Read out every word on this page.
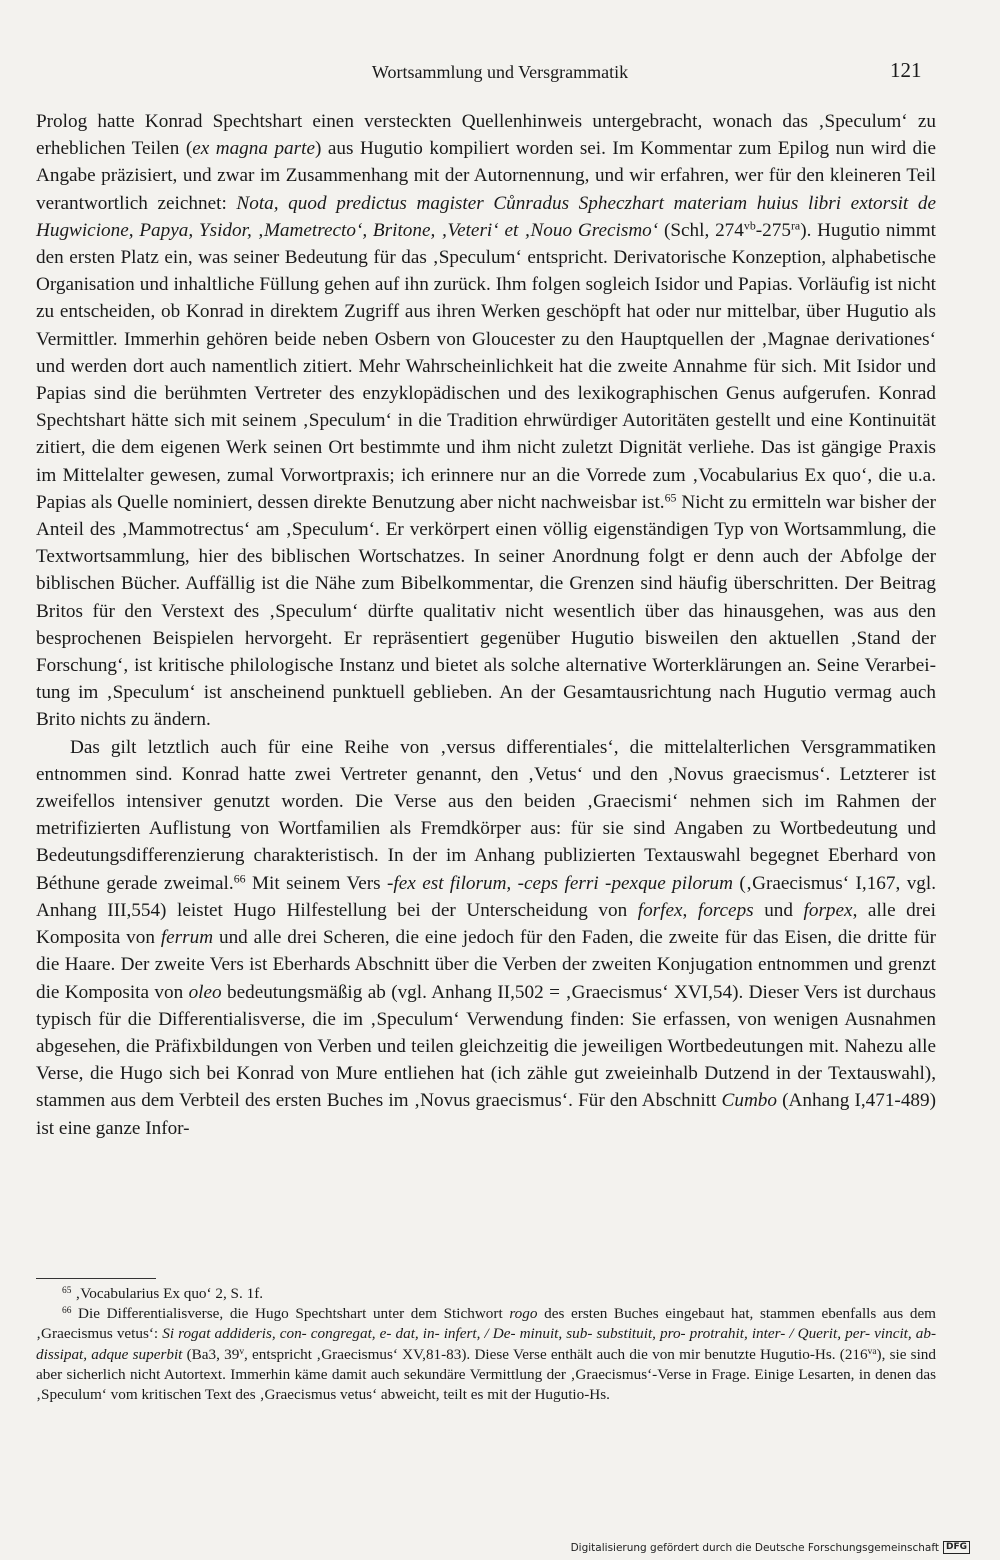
Wortsammlung und Versgrammatik	121

Prolog hatte Konrad Spechtshart einen versteckten Quellenhinweis untergebracht, wonach das ‚Speculum‘ zu erheblichen Teilen (ex magna parte) aus Hugutio kompiliert worden sei. Im Kommentar zum Epilog nun wird die Angabe präzisiert, und zwar im Zusammenhang mit der Autornennung, und wir erfahren, wer für den kleineren Teil verantwortlich zeichnet: Nota, quod predictus magister Cůnradus Sphеczhart materiam huius libri extorsit de Hugwicione, Papya, Ysidor, ‚Mametrecto‘, Britone, ‚Veteri‘ et ‚Nouo Grecismo‘ (Schl, $274^{vb}-275^{ra}$). Hugutio nimmt den ersten Platz ein, was seiner Bedeutung für das ‚Speculum‘ entspricht. Derivatorische Konzeption, alphabetische Organisation und inhaltliche Füllung gehen auf ihn zurück. Ihm folgen sogleich Isidor und Papias. Vorläufig ist nicht zu entscheiden, ob Konrad in direktem Zugriff aus ihren Werken geschöpft hat oder nur mittelbar, über Hugutio als Vermittler. Immerhin gehören beide neben Osbern von Gloucester zu den Hauptquellen der ‚Magnae derivationes‘ und werden dort auch namentlich zitiert. Mehr Wahrscheinlichkeit hat die zweite Annahme für sich. Mit Isidor und Papias sind die berühmten Vertreter des enzyklopädischen und des lexikographischen Genus aufgerufen. Konrad Spechtshart hätte sich mit seinem ‚Speculum‘ in die Tradition ehrwürdiger Autoritäten gestellt und eine Kontinuität zitiert, die dem eigenen Werk seinen Ort bestimmte und ihm nicht zuletzt Dignität verliehe. Das ist gängige Praxis im Mittelalter gewesen, zumal Vorwortpraxis; ich erinnere nur an die Vorrede zum ‚Vocabularius Ex quo‘, die u.a. Papias als Quelle nominiert, dessen direkte Benutzung aber nicht nachweisbar ist.$^{65}$ Nicht zu ermitteln war bisher der Anteil des ‚Mammotrectus‘ am ‚Speculum‘. Er verkörpert einen völlig eigenständigen Typ von Wortsammlung, die Textwortsammlung, hier des biblischen Wortschatzes. In seiner Anordnung folgt er denn auch der Abfolge der biblischen Bücher. Auffällig ist die Nähe zum Bibelkommentar, die Grenzen sind häufig überschritten. Der Beitrag Britos für den Verstext des ‚Speculum‘ dürfte qualitativ nicht wesentlich über das hinausgehen, was aus den besprochenen Beispielen hervorgeht. Er repräsentiert gegenüber Hugutio bisweilen den aktuellen ‚Stand der Forschung‘, ist kritische philologische Instanz und bietet als solche alternative Worterklärungen an. Seine Verarbeitung im ‚Speculum‘ ist anscheinend punktuell geblieben. An der Gesamtausrichtung nach Hugutio vermag auch Brito nichts zu ändern.

Das gilt letztlich auch für eine Reihe von ‚versus differentiales‘, die mittelalterlichen Versgrammatiken entnommen sind. Konrad hatte zwei Vertreter genannt, den ‚Vetus‘ und den ‚Novus graecismus‘. Letzterer ist zweifellos intensiver genutzt worden. Die Verse aus den beiden ‚Graecismi‘ nehmen sich im Rahmen der metrifizierten Auflistung von Wortfamilien als Fremdkörper aus: für sie sind Angaben zu Wortbedeutung und Bedeutungsdifferenzierung charakteristisch. In der im Anhang publizierten Textauswahl begegnet Eberhard von Béthune gerade zweimal.$^{66}$ Mit seinem Vers -fex est filorum, -ceps ferri -pexque pilorum (‚Graecismus‘ I,167, vgl. Anhang III,554) leistet Hugo Hilfestellung bei der Unterscheidung von forfex, forceps und forpex, alle drei Komposita von ferrum und alle drei Scheren, die eine jedoch für den Faden, die zweite für das Eisen, die dritte für die Haare. Der zweite Vers ist Eberhards Abschnitt über die Verben der zweiten Konjugation entnommen und grenzt die Komposita von oleo bedeutungsmäßig ab (vgl. Anhang II,502 = ‚Graecismus‘ XVI,54). Dieser Vers ist durchaus typisch für die Differentialisverse, die im ‚Speculum‘ Verwendung finden: Sie erfassen, von wenigen Ausnahmen abgesehen, die Präfixbildungen von Verben und teilen gleichzeitig die jeweiligen Wortbedeutungen mit. Nahezu alle Verse, die Hugo sich bei Konrad von Mure entliehen hat (ich zähle gut zweieinhalb Dutzend in der Textauswahl), stammen aus dem Verbteil des ersten Buches im ‚Novus graecismus‘. Für den Abschnitt Cumbo (Anhang I,471-489) ist eine ganze Infor-

$^{65}$ ‚Vocabularius Ex quo‘ 2, S. 1f.

$^{66}$ Die Differentialisverse, die Hugo Spechtshart unter dem Stichwort rogo des ersten Buches eingebaut hat, stammen ebenfalls aus dem ‚Graecismus vetus‘: Si rogat addideris, con- congregat, e- dat, in- infert, / De- minuit, sub- substituit, pro- protrahit, inter- / Querit, per- vincit, ab- dissipat, adque superbit (Ba3, 39$^v$, entspricht ‚Graecismus‘ XV,81-83). Diese Verse enthält auch die von mir benutzte Hugutio-Hs. $(216^{va})$, sie sind aber sicherlich nicht Autortext. Immerhin käme damit auch sekundäre Vermittlung der ‚Graecismus‘-Verse in Frage. Einige Lesarten, in denen das ‚Speculum‘ vom kritischen Text des ‚Graecismus vetus‘ abweicht, teilt es mit der Hugutio-Hs.

Digitalisierung gefördert durch die Deutsche Forschungsgemeinschaft DFG
